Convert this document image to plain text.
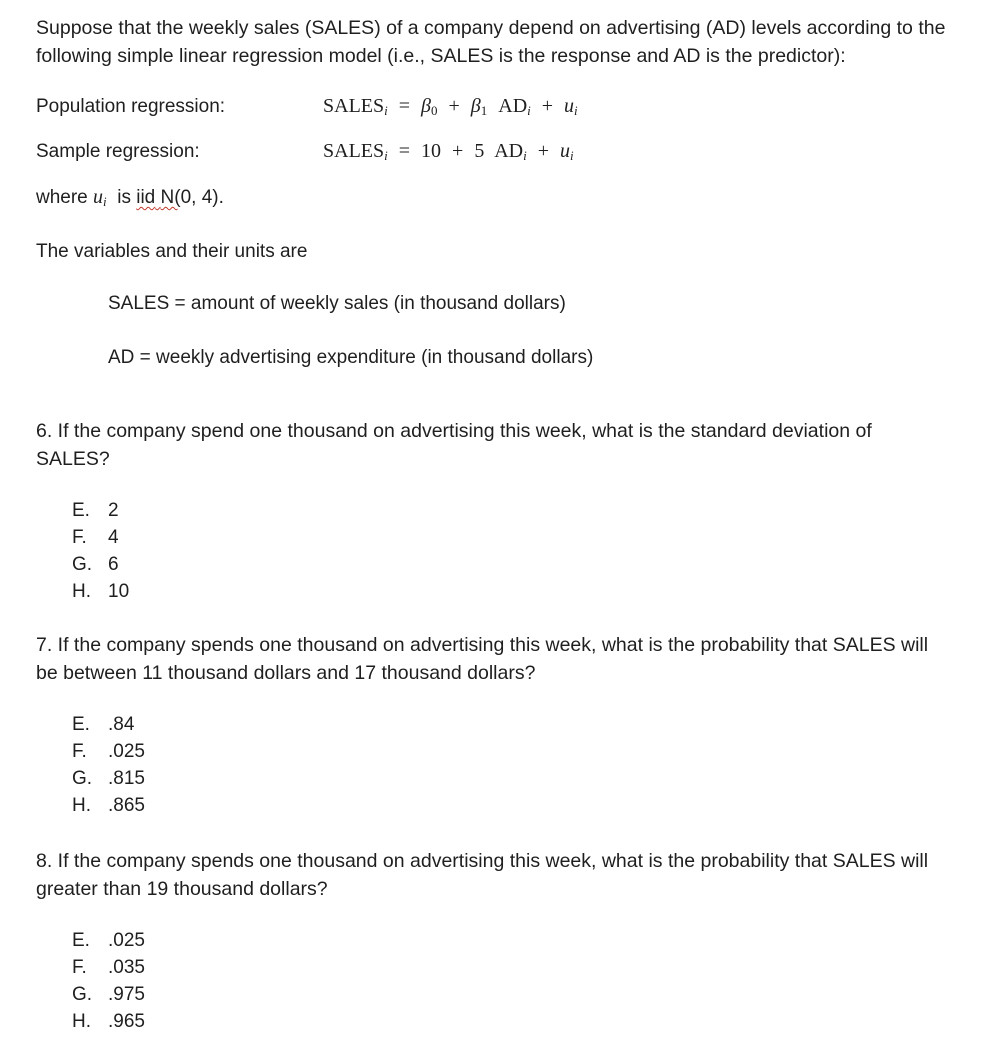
Suppose that the weekly sales (SALES) of a company depend on advertising (AD) levels according to the
following simple linear regression model (i.e., SALES is the response and AD is the predictor):
Population regression:	$SALES_i = \beta_0 + \beta_1$ $AD_i + u_i$
Sample regression:	$SALES_i = 10 + 5$ $AD_i + u_i$
where $u_i$ is iid N(0, 4).
The variables and their units are
SALES = amount of weekly sales (in thousand dollars)
AD = weekly advertising expenditure (in thousand dollars)
6. If the company spend one thousand on advertising this week, what is the standard deviation of
SALES?
E. 2
F. 4
G. 6
H. 10
7. If the company spends one thousand on advertising this week, what is the probability that SALES will
be between 11 thousand dollars and 17 thousand dollars?
E. .84
F. .025
G. .815
H. .865
8. If the company spends one thousand on advertising this week, what is the probability that SALES will
greater than 19 thousand dollars?
E. .025
F. .035
G. .975
H. .965
